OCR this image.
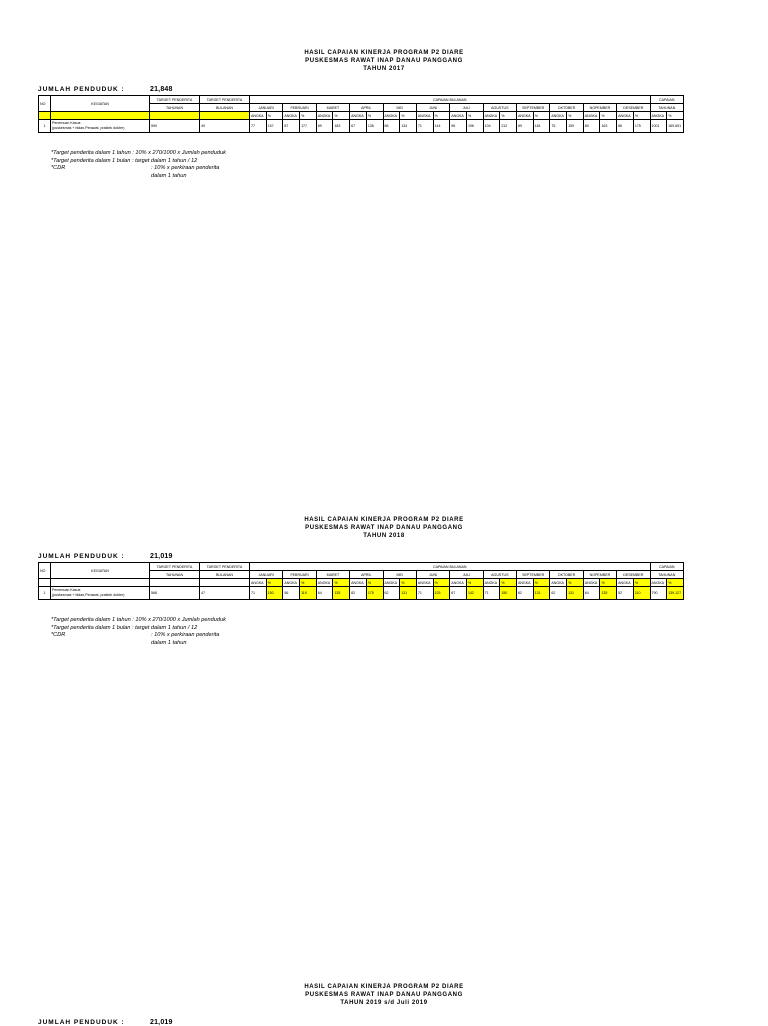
HASIL CAPAIAN KINERJA PROGRAM P2 DIARE
PUSKESMAS RAWAT INAP DANAU PANGGANG
TAHUN 2017
JUMLAH PENDUDUK :	21,848
NO	KEGIATAN	TARGET PENDERITA	TARGET PENDERITA	CAPAIAN BULANAN																								CAPAIAN	
		TAHUNAN	BULANAN	JANUARI		FEBRUARI		MARET		APRIL		MEI		JUNI		JULI		AGUSTUS		SEPTEMBER		OKTOBER		NOPEMBER		DESEMBER		TAHUNAN	
				ANGKA	%	ANGKA	%	ANGKA	%	ANGKA	%	ANGKA	%	ANGKA	%	ANGKA	%	ANGKA	%	ANGKA	%	ANGKA	%	ANGKA	%	ANGKA	%	ANGKA	%
1	Penemuan Kasus
(puskesmas + bidan,Perawat, praktek dokter)	590	49	77	157	87	177	89	183	67	136	86	134	71	144	96	196	104	212	89	181	75	159	80	163	86	175	1001	169.691
*Target penderita dalam 1 tahun : 10% x 270/1000 x Jumlah penduduk
*Target penderita dalam 1 bulan : target dalam 1 tahun / 12
*CDR	: 10% x perkiraan penderita dalam 1 tahun
HASIL CAPAIAN KINERJA PROGRAM P2 DIARE
PUSKESMAS RAWAT INAP DANAU PANGGANG
TAHUN 2018
JUMLAH PENDUDUK :	21,019
NO	KEGIATAN	TARGET PENDERITA	TARGET PENDERITA	CAPAIAN BULANAN																								CAPAIAN	
		TAHUNAN	BULANAN	JANUARI		FEBRUARI		MARET		APRIL		MEI		JUNI		JULI		AGUSTUS		SEPTEMBER		OKTOBER		NOPEMBER		DESEMBER		TAHUNAN	
				ANGKA	%	ANGKA	%	ANGKA	%	ANGKA	%	ANGKA	%	ANGKA	%	ANGKA	%	ANGKA	%	ANGKA	%	ANGKA	%	ANGKA	%	ANGKA	%	ANGKA	%
1	Penemuan Kasus
(puskesmas + bidan,Perawat, praktek dokter)	568	47	71	150	56	119	64	135	82	175	62	131	71	125	67	142	71	150	62	131	62	131	64	135	52	110	790	139.127
*Target penderita dalam 1 tahun : 10% x 270/1000 x Jumlah penduduk
*Target penderita dalam 1 bulan : target dalam 1 tahun / 12
*CDR	: 10% x perkiraan penderita dalam 1 tahun
HASIL CAPAIAN KINERJA PROGRAM P2 DIARE
PUSKESMAS RAWAT INAP DANAU PANGGANG
TAHUN 2019 s/d Juli 2019
JUMLAH PENDUDUK :	21,019
